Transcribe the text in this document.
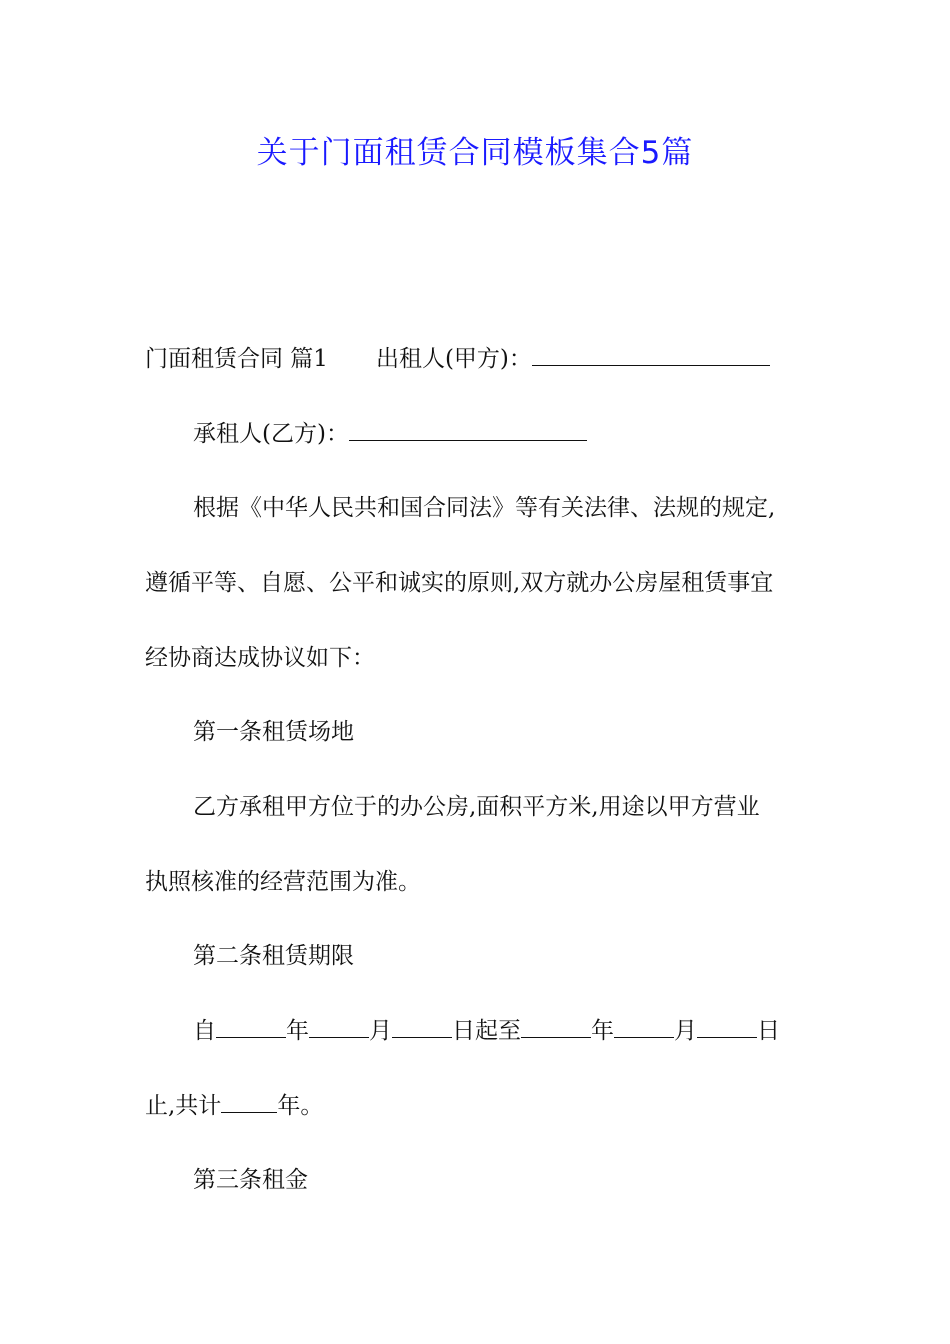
关于门面租赁合同模板集合5篇
门面租赁合同 篇1 出租人(甲方)：
承租人(乙方)：
根据《中华人民共和国合同法》等有关法律、法规的规定,
遵循平等、自愿、公平和诚实的原则,双方就办公房屋租赁事宜
经协商达成协议如下：
第一条租赁场地
乙方承租甲方位于的办公房,面积平方米,用途以甲方营业
执照核准的经营范围为准。
第二条租赁期限
自	年	月	日起至	年	月	日
止,共计 年。
第三条租金
